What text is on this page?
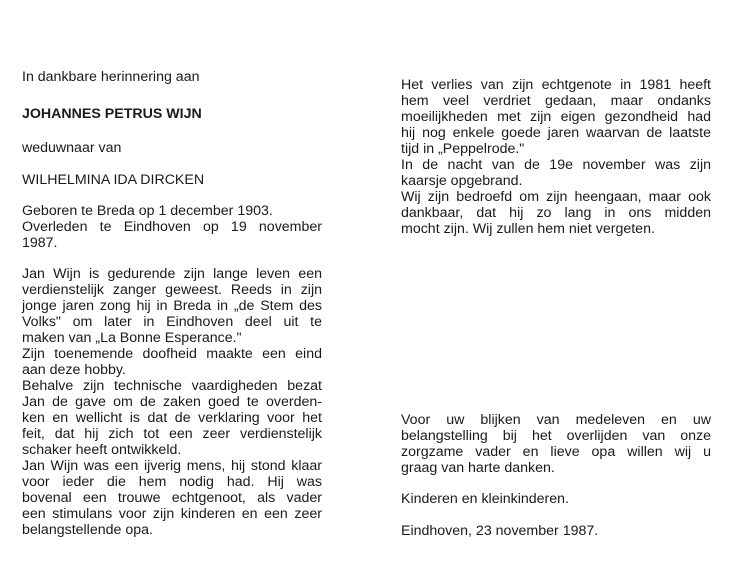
In dankbare herinnering aan
JOHANNES PETRUS WIJN
weduwnaar van
WILHELMINA IDA DIRCKEN
Geboren te Breda op 1 december 1903.
Overleden te Eindhoven op 19 november
1987.
Jan Wijn is gedurende zijn lange leven een
verdienstelijk zanger geweest. Reeds in zijn
jonge jaren zong hij in Breda in „de Stem des
Volks" om later in Eindhoven deel uit te
maken van „La Bonne Esperance."
Zijn toenemende doofheid maakte een eind
aan deze hobby.
Behalve zijn technische vaardigheden bezat
Jan de gave om de zaken goed te overden-
ken en wellicht is dat de verklaring voor het
feit, dat hij zich tot een zeer verdienstelijk
schaker heeft ontwikkeld.
Jan Wijn was een ijverig mens, hij stond klaar
voor ieder die hem nodig had. Hij was
bovenal een trouwe echtgenoot, als vader
een stimulans voor zijn kinderen en een zeer
belangstellende opa.
Het verlies van zijn echtgenote in 1981 heeft
hem veel verdriet gedaan, maar ondanks
moeilijkheden met zijn eigen gezondheid had
hij nog enkele goede jaren waarvan de laatste
tijd in „Peppelrode."
In de nacht van de 19e november was zijn
kaarsje opgebrand.
Wij zijn bedroefd om zijn heengaan, maar ook
dankbaar, dat hij zo lang in ons midden
mocht zijn. Wij zullen hem niet vergeten.
Voor uw blijken van medeleven en uw
belangstelling bij het overlijden van onze
zorgzame vader en lieve opa willen wij u
graag van harte danken.
Kinderen en kleinkinderen.
Eindhoven, 23 november 1987.
